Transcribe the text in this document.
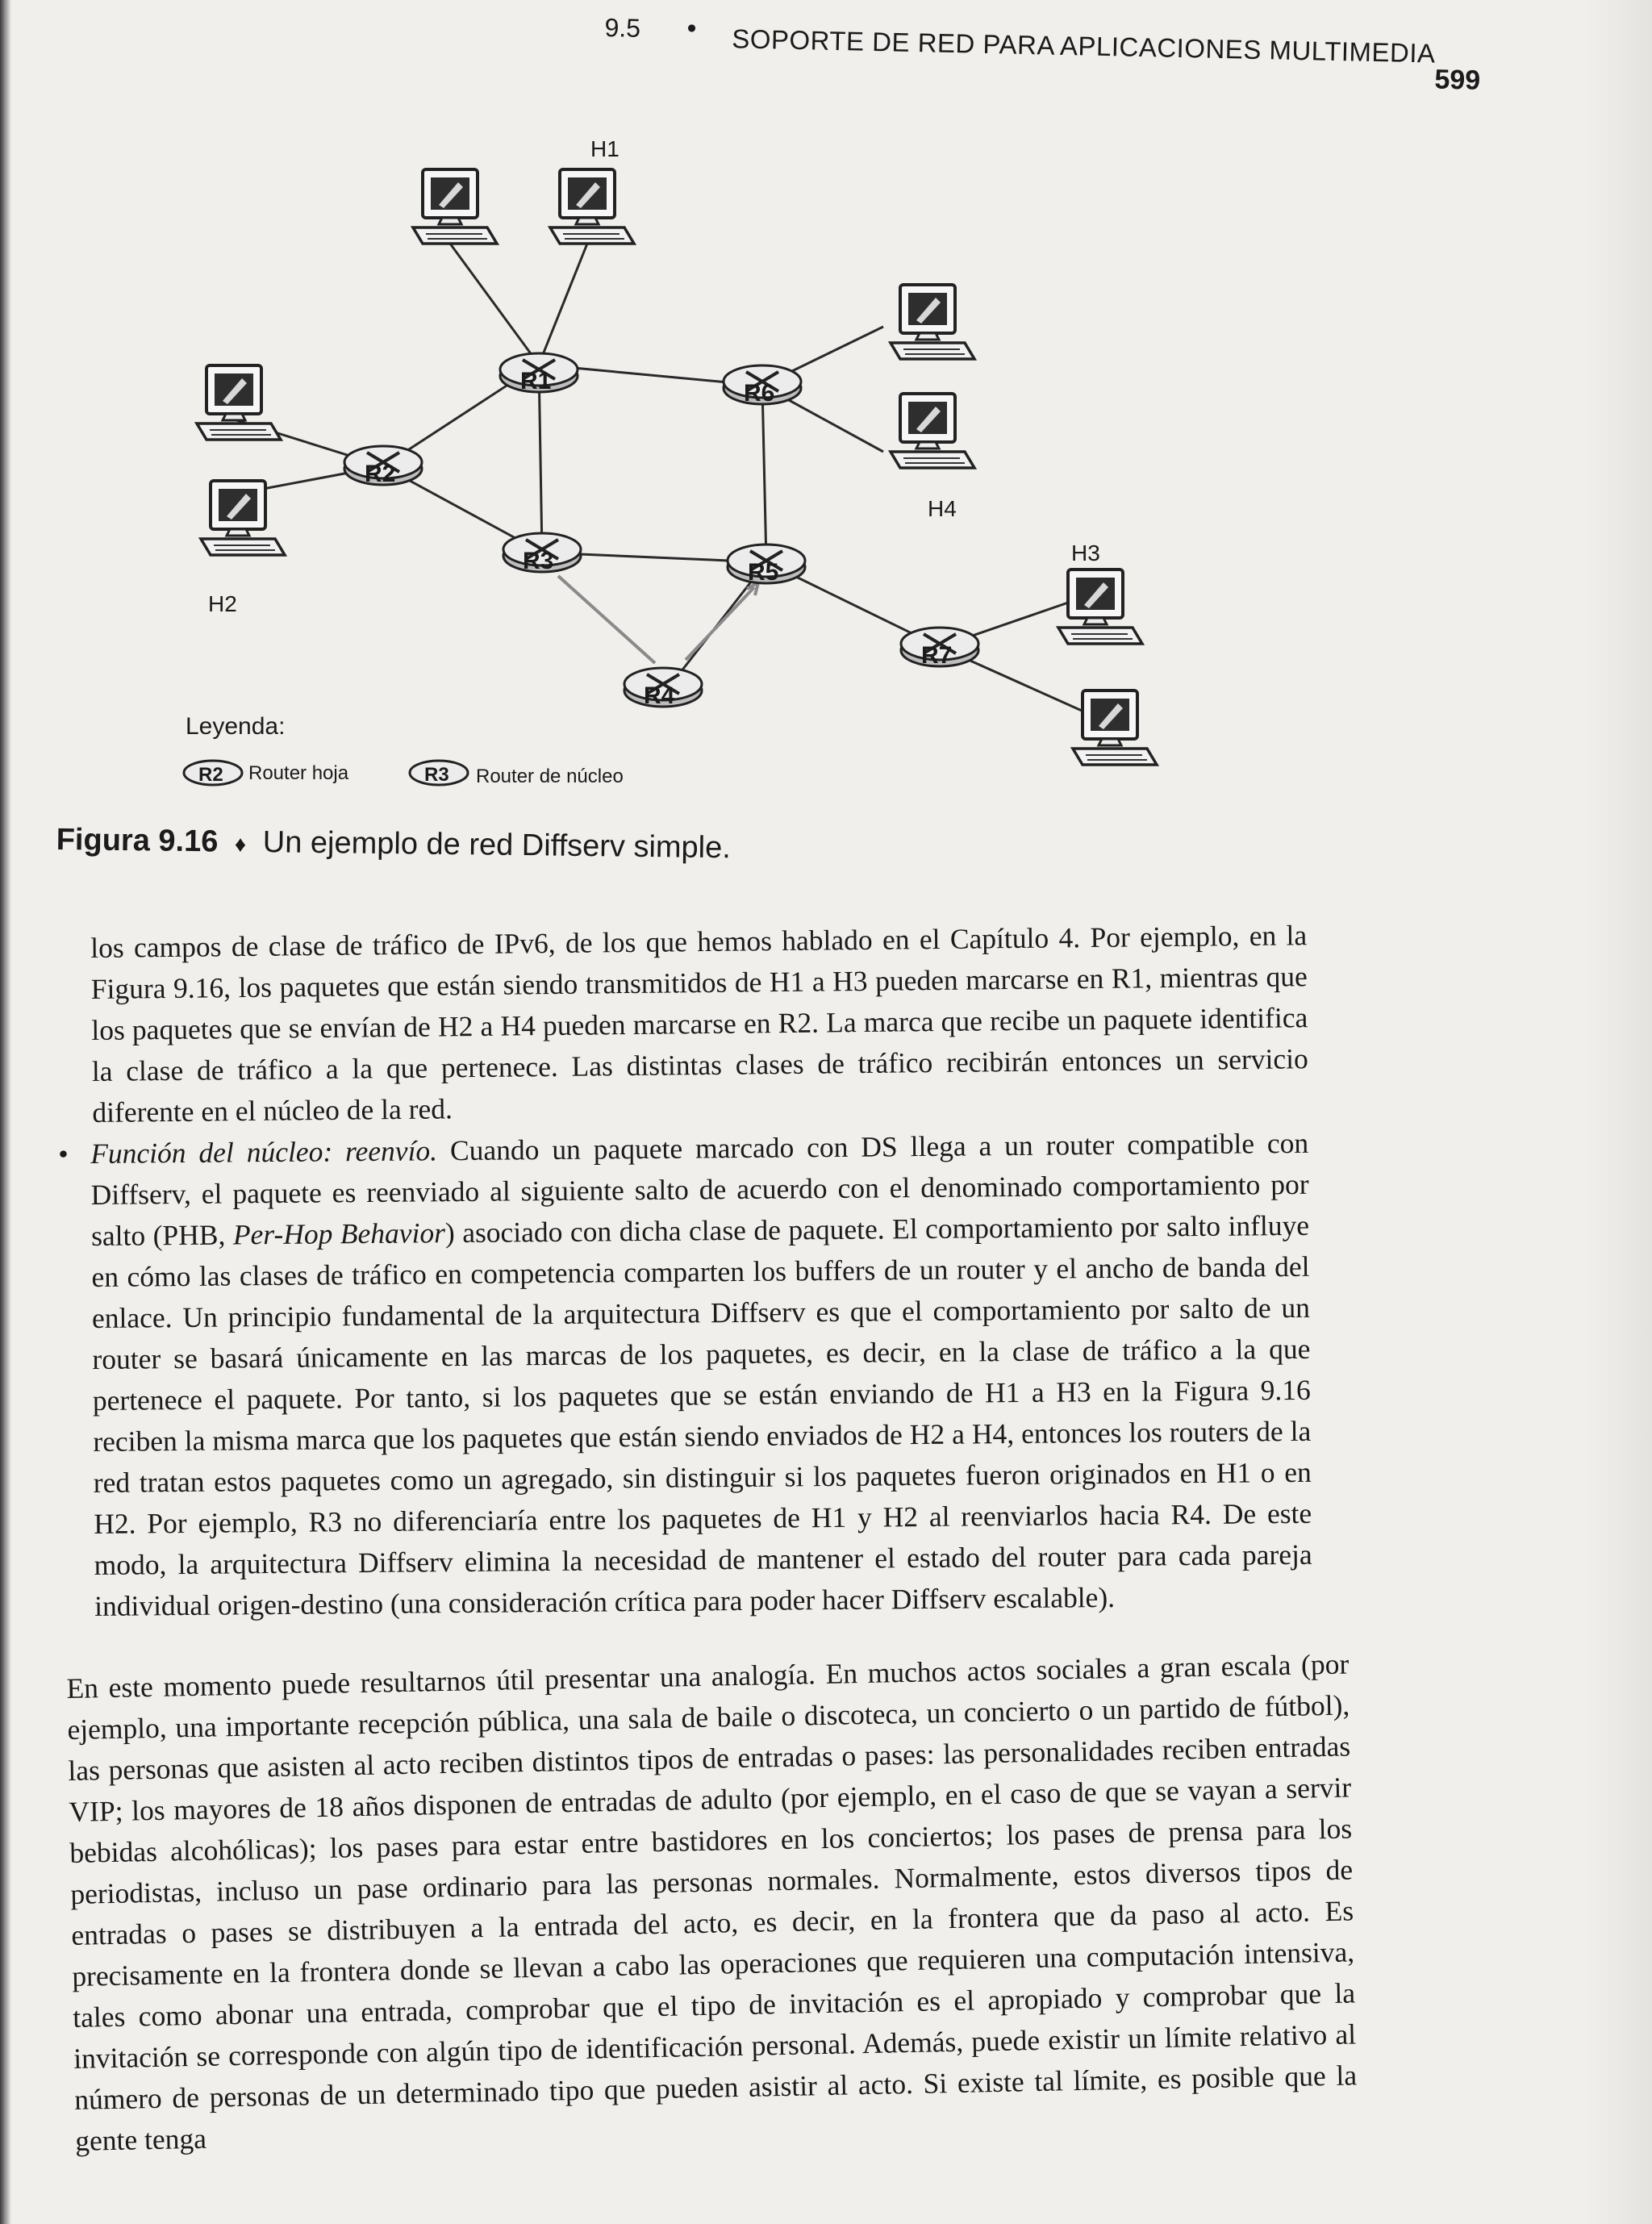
9.5 • SOPORTE DE RED PARA APLICACIONES MULTIMEDIA
599
R1
R2
R3
R4
R5
R6
R7
H1
H2
H3
H4
Leyenda:
R2 Router hoja	R3 Router de núcleo
Figura 9.16 ♦ Un ejemplo de red Diffserv simple.

los campos de clase de tráfico de IPv6, de los que hemos hablado en el Capítulo 4. Por ejemplo, en la Figura 9.16, los paquetes que están siendo transmitidos de H1 a H3 pueden marcarse en R1, mientras que los paquetes que se envían de H2 a H4 pueden marcarse en R2. La marca que recibe un paquete identifica la clase de tráfico a la que pertenece. Las distintas clases de tráfico recibirán entonces un servicio diferente en el núcleo de la red.

• Función del núcleo: reenvío. Cuando un paquete marcado con DS llega a un router compatible con Diffserv, el paquete es reenviado al siguiente salto de acuerdo con el denominado comportamiento por salto (PHB, Per-Hop Behavior) asociado con dicha clase de paquete. El comportamiento por salto influye en cómo las clases de tráfico en competencia comparten los buffers de un router y el ancho de banda del enlace. Un principio fundamental de la arquitectura Diffserv es que el comportamiento por salto de un router se basará únicamente en las marcas de los paquetes, es decir, en la clase de tráfico a la que pertenece el paquete. Por tanto, si los paquetes que se están enviando de H1 a H3 en la Figura 9.16 reciben la misma marca que los paquetes que están siendo enviados de H2 a H4, entonces los routers de la red tratan estos paquetes como un agregado, sin distinguir si los paquetes fueron originados en H1 o en H2. Por ejemplo, R3 no diferenciaría entre los paquetes de H1 y H2 al reenviarlos hacia R4. De este modo, la arquitectura Diffserv elimina la necesidad de mantener el estado del router para cada pareja individual origen-destino (una consideración crítica para poder hacer Diffserv escalable).

En este momento puede resultarnos útil presentar una analogía. En muchos actos sociales a gran escala (por ejemplo, una importante recepción pública, una sala de baile o discoteca, un concierto o un partido de fútbol), las personas que asisten al acto reciben distintos tipos de entradas o pases: las personalidades reciben entradas VIP; los mayores de 18 años disponen de entradas de adulto (por ejemplo, en el caso de que se vayan a servir bebidas alcohólicas); los pases para estar entre bastidores en los conciertos; los pases de prensa para los periodistas, incluso un pase ordinario para las personas normales. Normalmente, estos diversos tipos de entradas o pases se distribuyen a la entrada del acto, es decir, en la frontera que da paso al acto. Es precisamente en la frontera donde se llevan a cabo las operaciones que requieren una computación intensiva, tales como abonar una entrada, comprobar que el tipo de invitación es el apropiado y comprobar que la invitación se corresponde con algún tipo de identificación personal. Además, puede existir un límite relativo al número de personas de un determinado tipo que pueden asistir al acto. Si existe tal límite, es posible que la gente tenga
